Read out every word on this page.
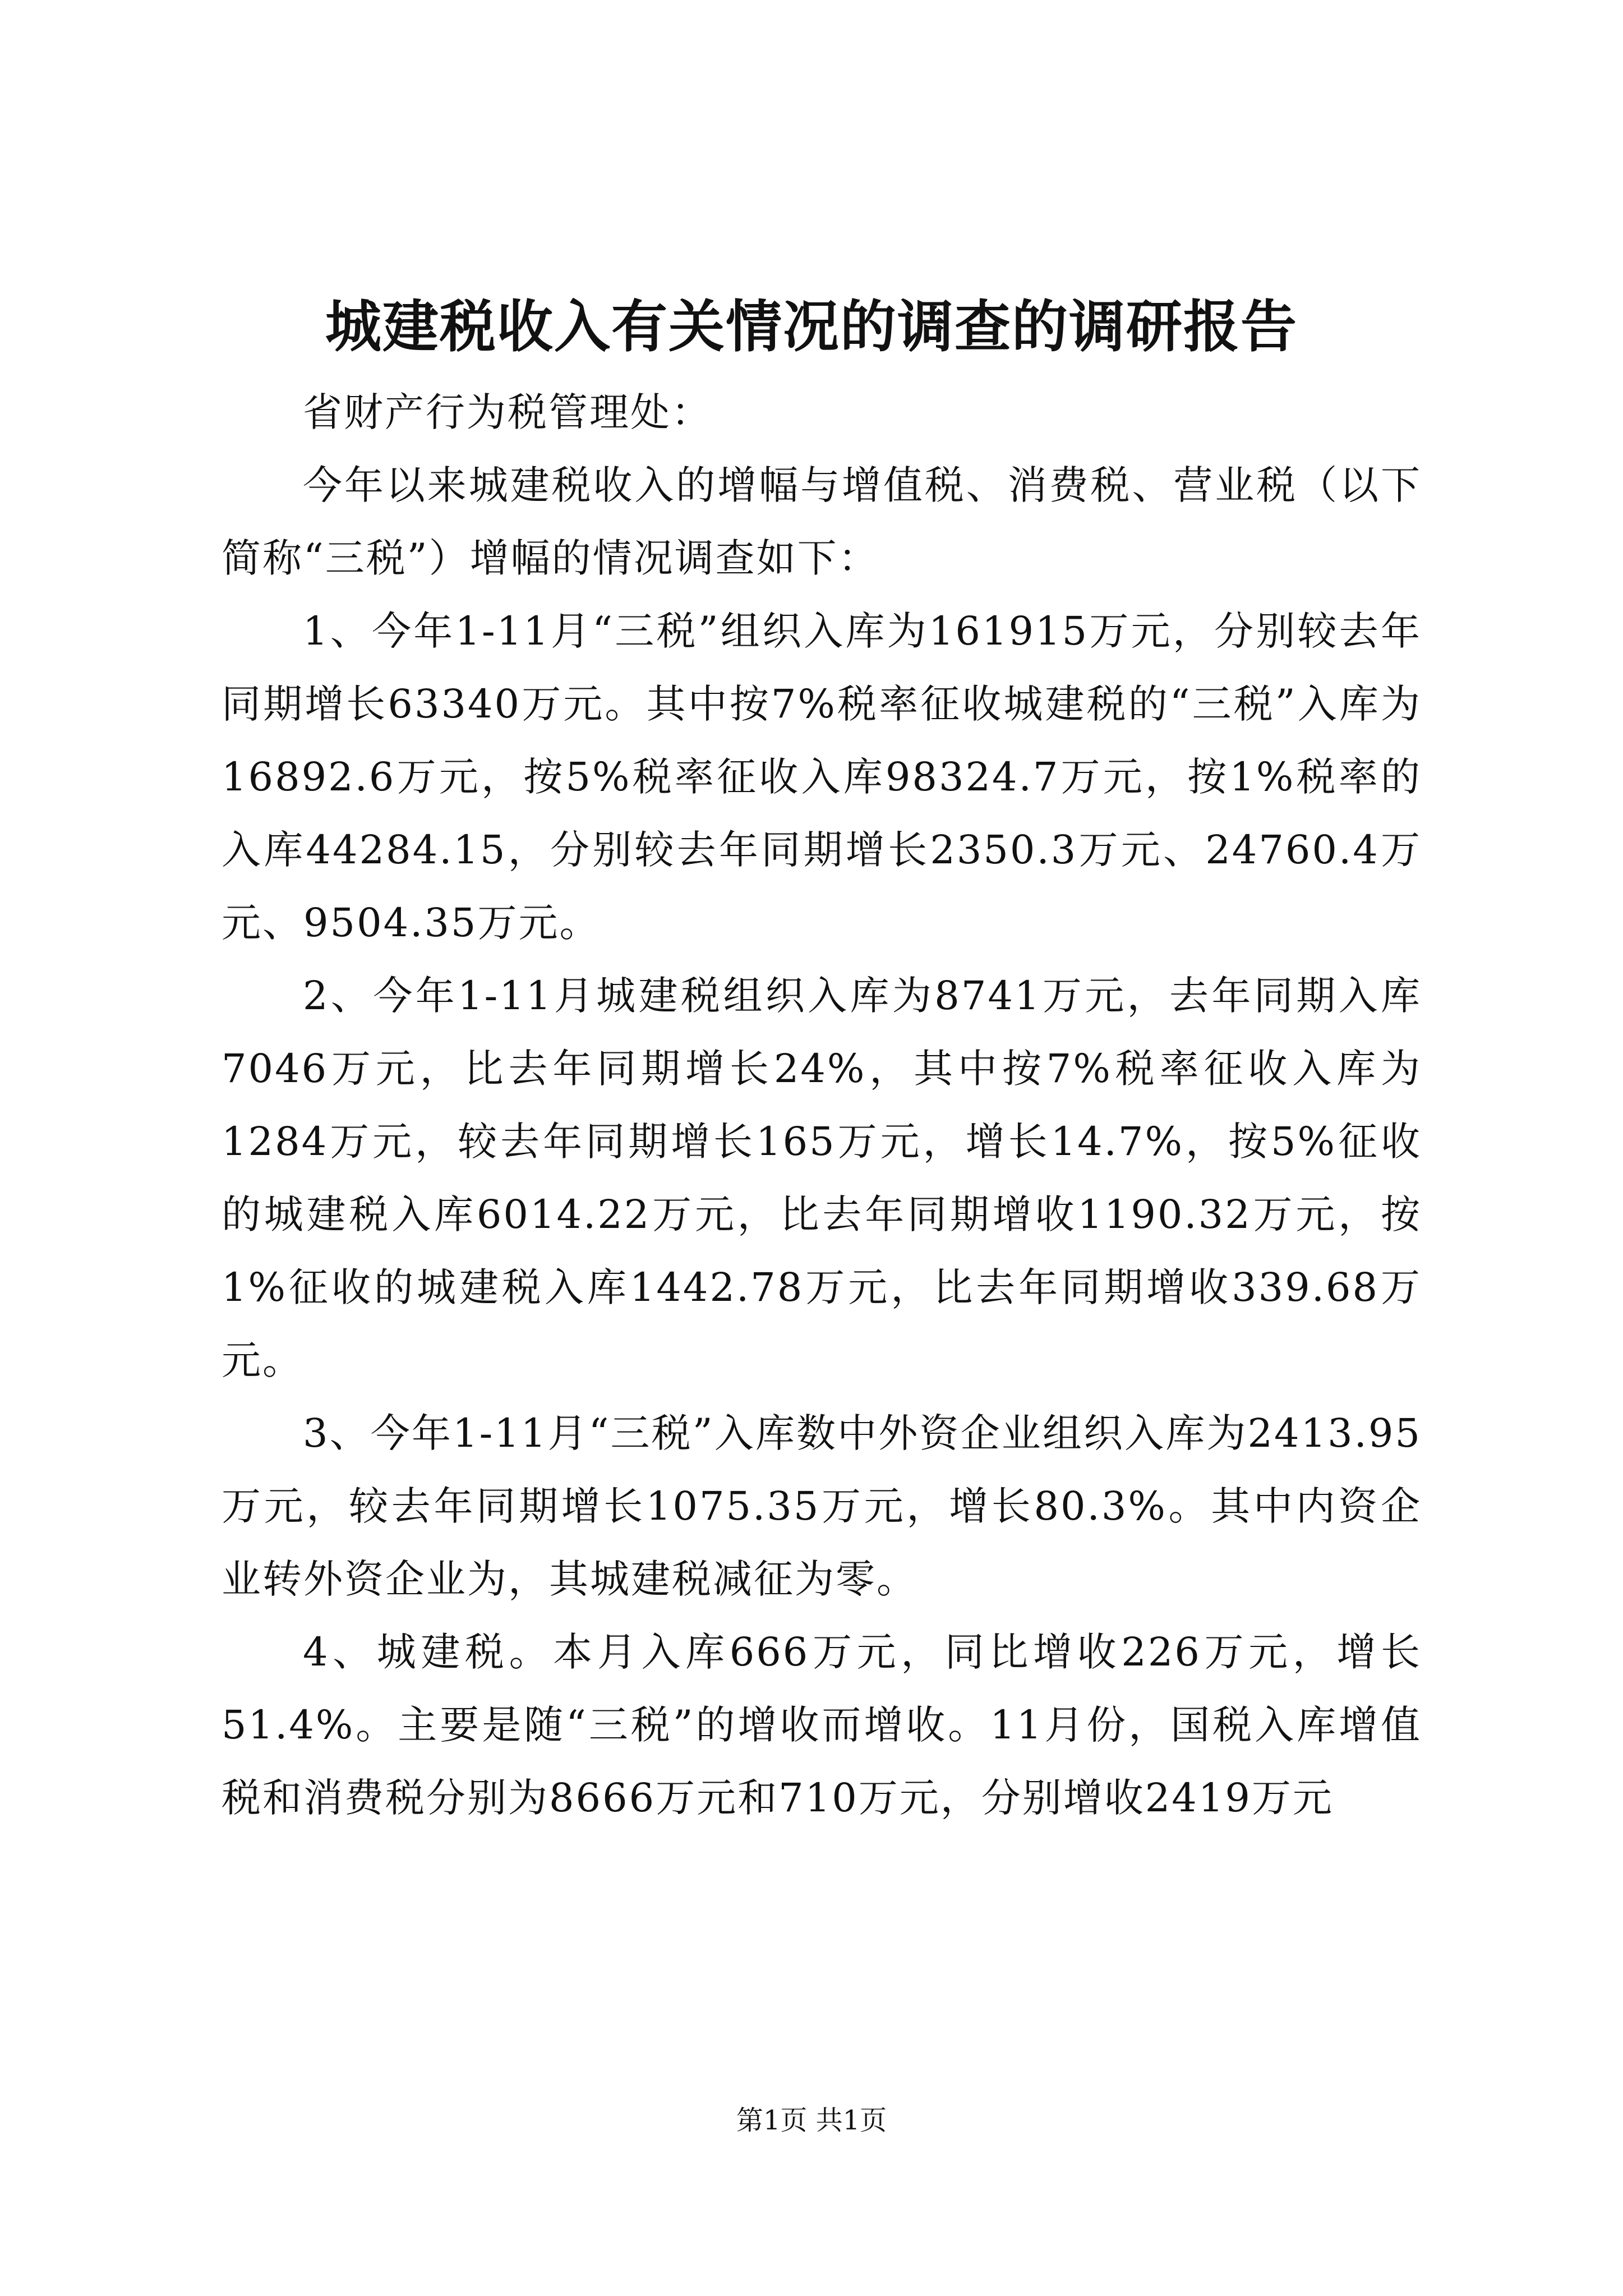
城建税收入有关情况的调查的调研报告

省财产行为税管理处：

今年以来城建税收入的增幅与增值税、消费税、营业税（以下简称“三税”）增幅的情况调查如下：

1、今年1-11月“三税”组织入库为161915万元，分别较去年同期增长63340万元。其中按7%税率征收城建税的“三税”入库为16892.6万元，按5%税率征收入库98324.7万元，按1%税率的入库44284.15，分别较去年同期增长2350.3万元、24760.4万元、9504.35万元。

2、今年1-11月城建税组织入库为8741万元，去年同期入库7046万元，比去年同期增长24%，其中按7%税率征收入库为1284万元，较去年同期增长165万元，增长14.7%，按5%征收的城建税入库6014.22万元，比去年同期增收1190.32万元，按1%征收的城建税入库1442.78万元，比去年同期增收339.68万元。

3、今年1-11月“三税”入库数中外资企业组织入库为2413.95万元，较去年同期增长1075.35万元，增长80.3%。其中内资企业转外资企业为，其城建税减征为零。

4、城建税。本月入库666万元，同比增收226万元，增长51.4%。主要是随“三税”的增收而增收。11月份，国税入库增值税和消费税分别为8666万元和710万元，分别增收2419万元

第1页 共1页
